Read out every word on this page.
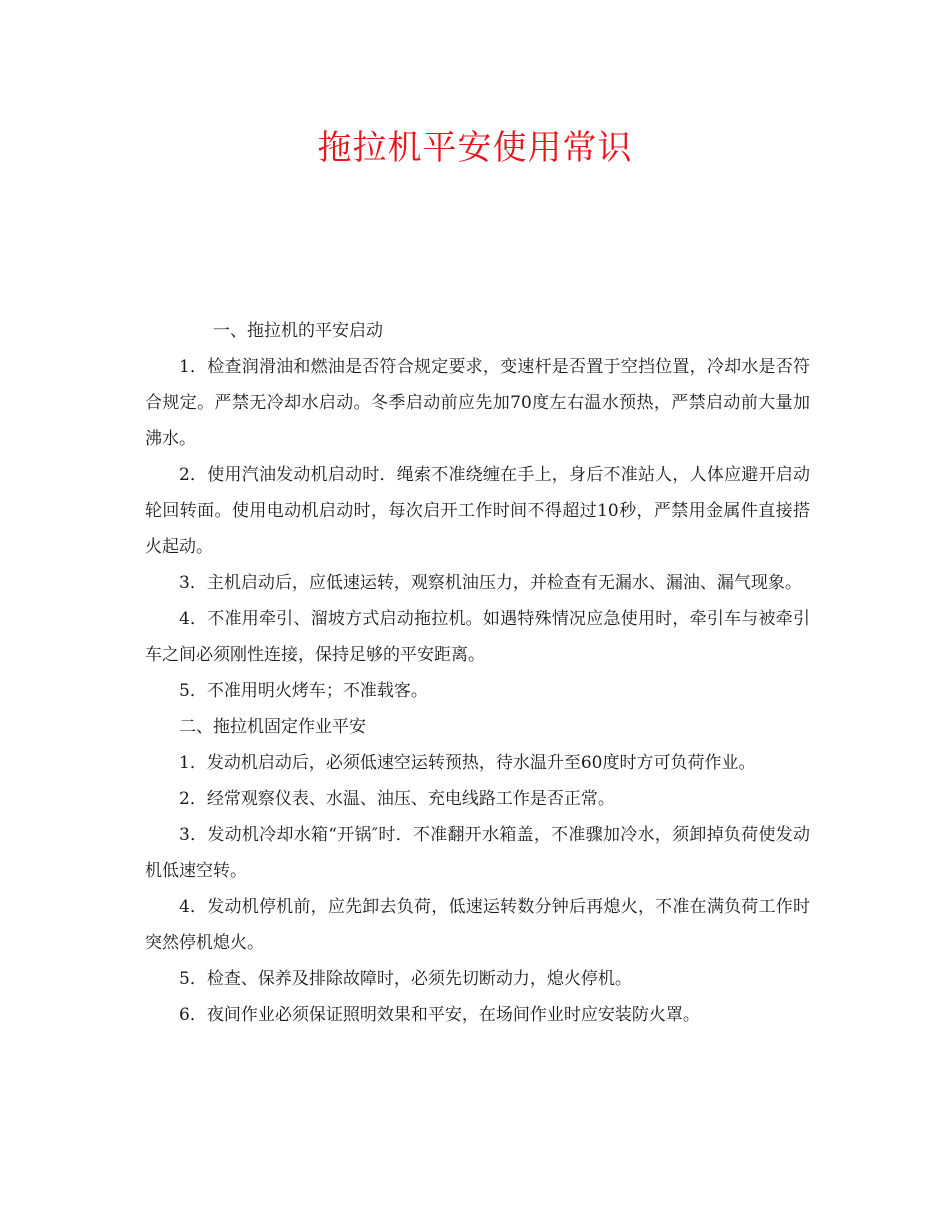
拖拉机平安使用常识

一、拖拉机的平安启动

1．检查润滑油和燃油是否符合规定要求，变速杆是否置于空挡位置，冷却水是否符合规定。严禁无冷却水启动。冬季启动前应先加70度左右温水预热，严禁启动前大量加沸水。

2．使用汽油发动机启动时．绳索不准绕缠在手上，身后不准站人，人体应避开启动轮回转面。使用电动机启动时，每次启开工作时间不得超过10秒，严禁用金属件直接搭火起动。

3．主机启动后，应低速运转，观察机油压力，并检查有无漏水、漏油、漏气现象。

4．不准用牵引、溜坡方式启动拖拉机。如遇特殊情况应急使用时，牵引车与被牵引车之间必须刚性连接，保持足够的平安距离。

5．不准用明火烤车；不准载客。

二、拖拉机固定作业平安

1．发动机启动后，必须低速空运转预热，待水温升至60度时方可负荷作业。

2．经常观察仪表、水温、油压、充电线路工作是否正常。

3．发动机冷却水箱“开锅″时．不准翻开水箱盖，不准骤加冷水，须卸掉负荷使发动机低速空转。

4．发动机停机前，应先卸去负荷，低速运转数分钟后再熄火，不准在满负荷工作时突然停机熄火。

5．检查、保养及排除故障时，必须先切断动力，熄火停机。

6．夜间作业必须保证照明效果和平安，在场间作业时应安装防火罩。
